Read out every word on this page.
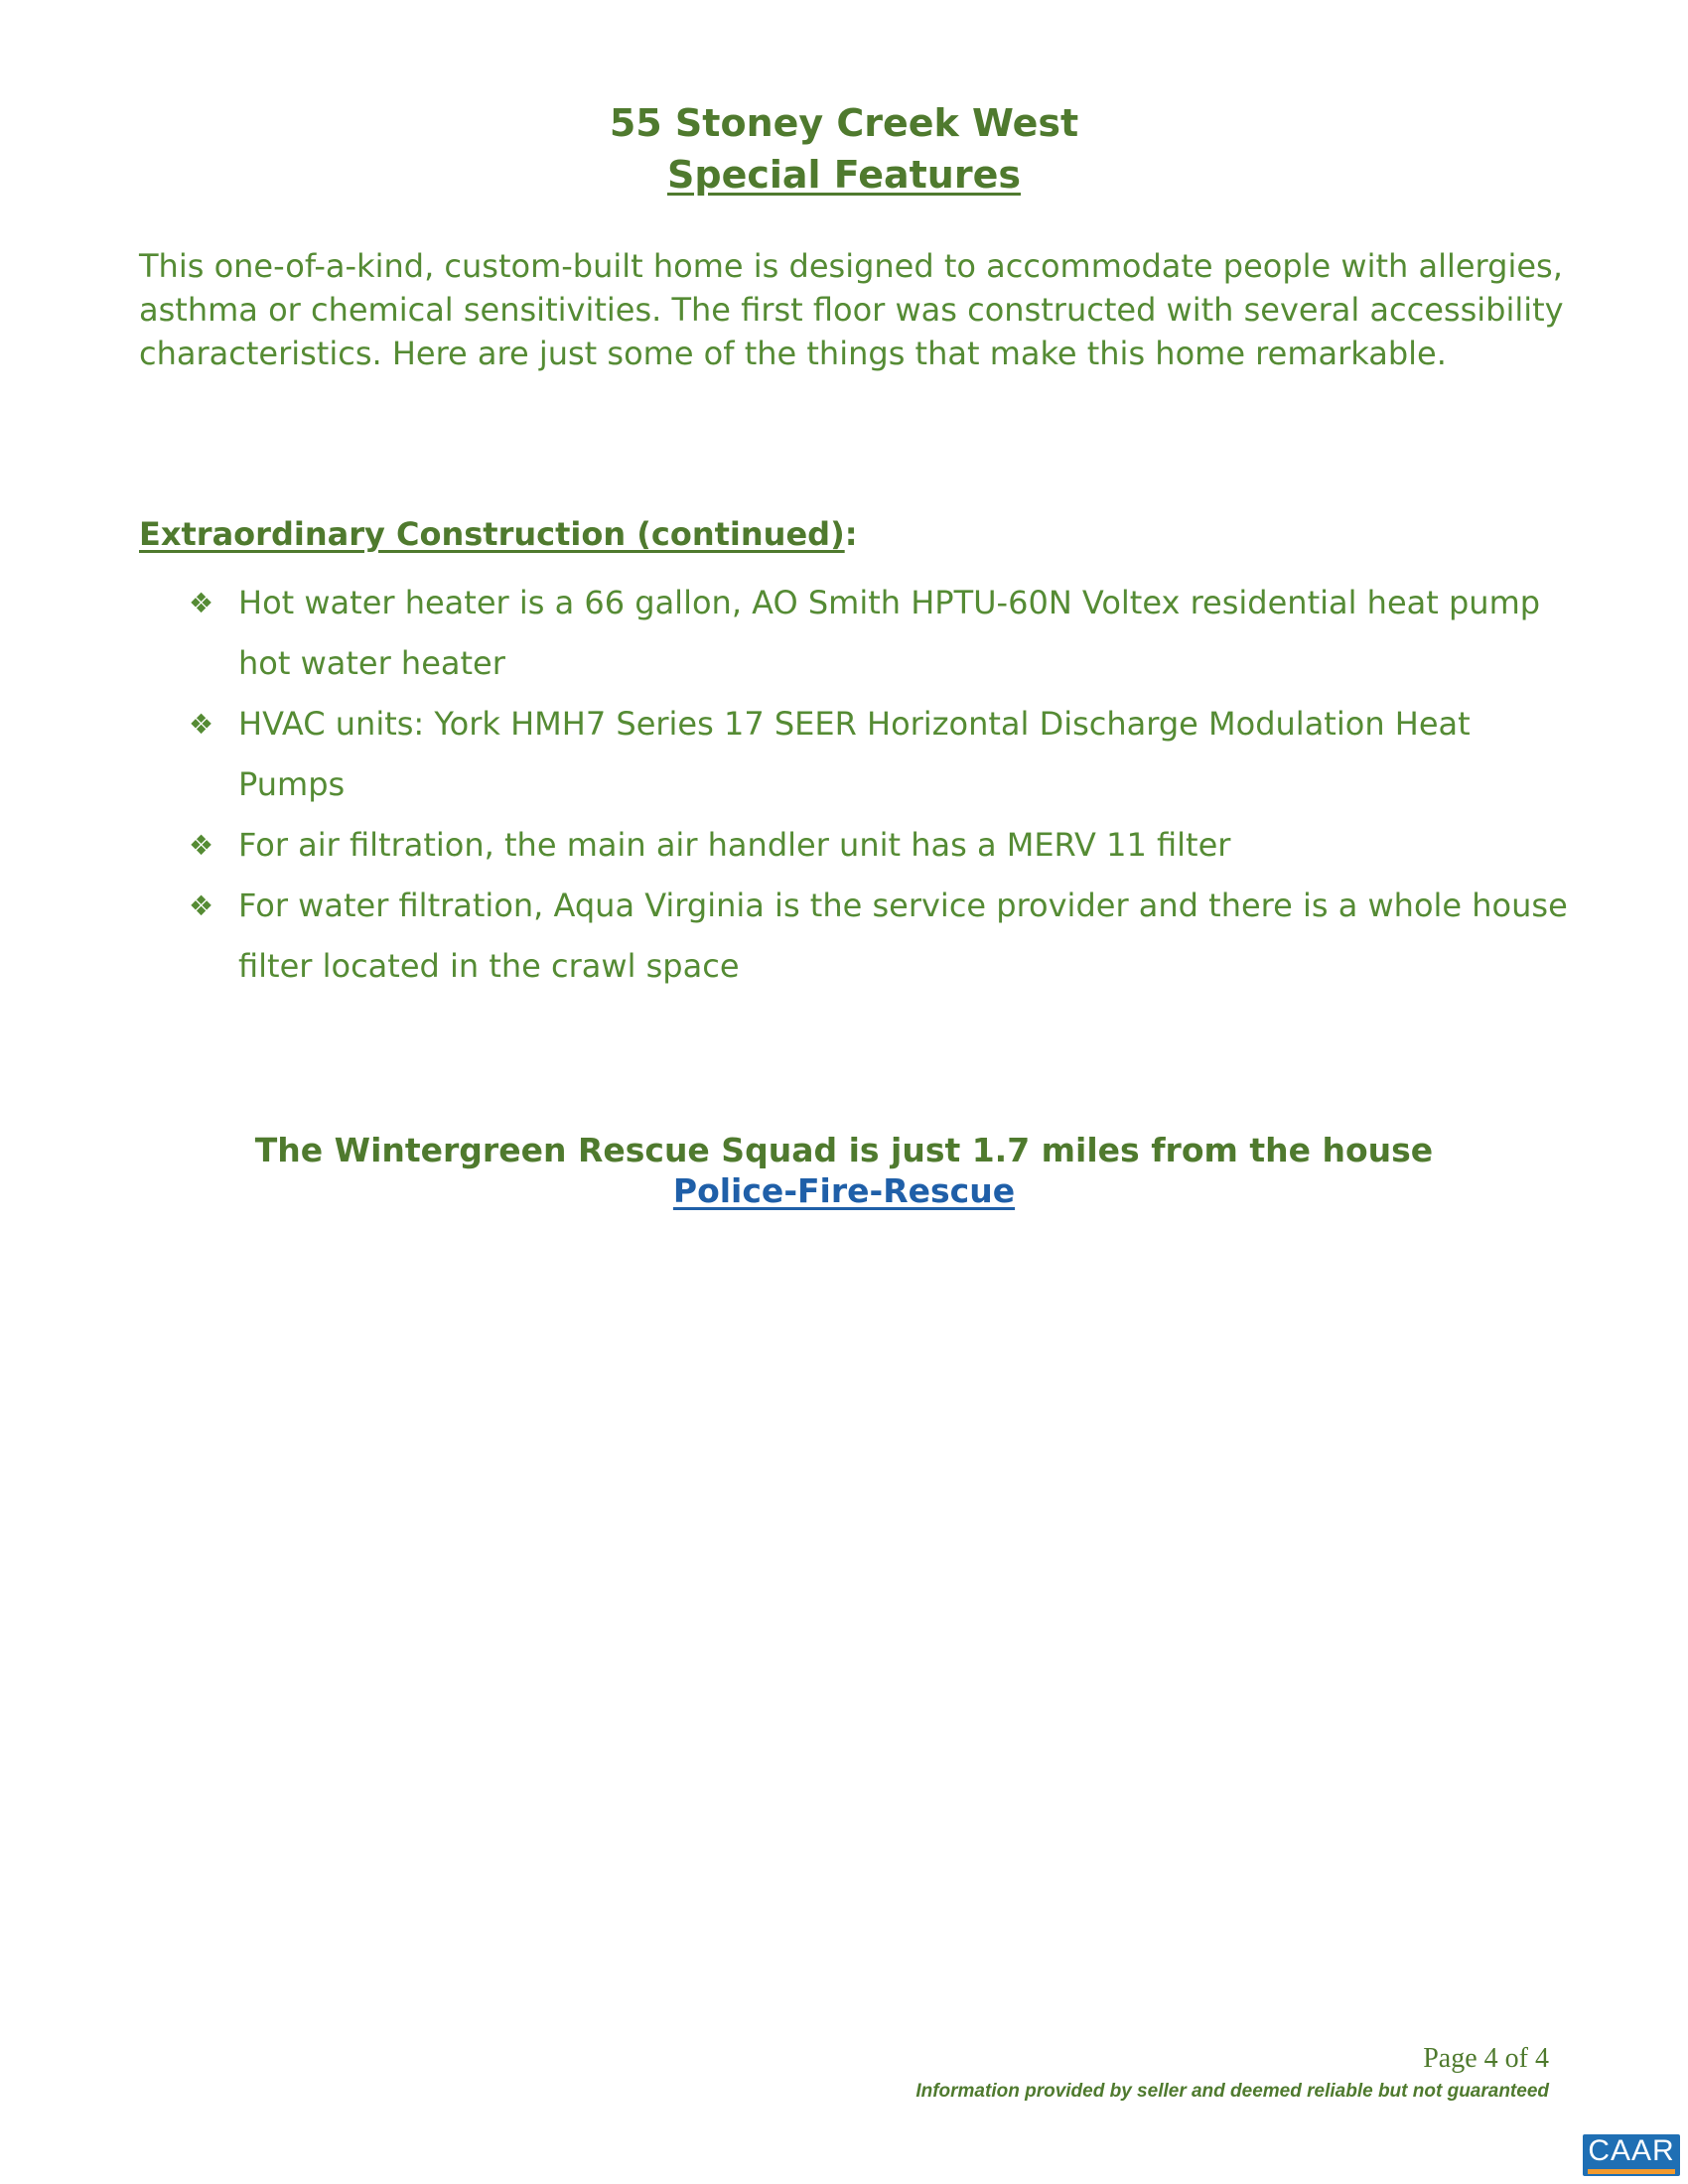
55 Stoney Creek West
Special Features
This one-of-a-kind, custom-built home is designed to accommodate people with allergies, asthma or chemical sensitivities. The first floor was constructed with several accessibility characteristics. Here are just some of the things that make this home remarkable.
Extraordinary Construction (continued):
❖ Hot water heater is a 66 gallon, AO Smith HPTU-60N Voltex residential heat pump hot water heater
❖ HVAC units: York HMH7 Series 17 SEER Horizontal Discharge Modulation Heat Pumps
❖ For air filtration, the main air handler unit has a MERV 11 filter
❖ For water filtration, Aqua Virginia is the service provider and there is a whole house filter located in the crawl space
The Wintergreen Rescue Squad is just 1.7 miles from the house
Police-Fire-Rescue
Page 4 of 4
Information provided by seller and deemed reliable but not guaranteed
CAAR
